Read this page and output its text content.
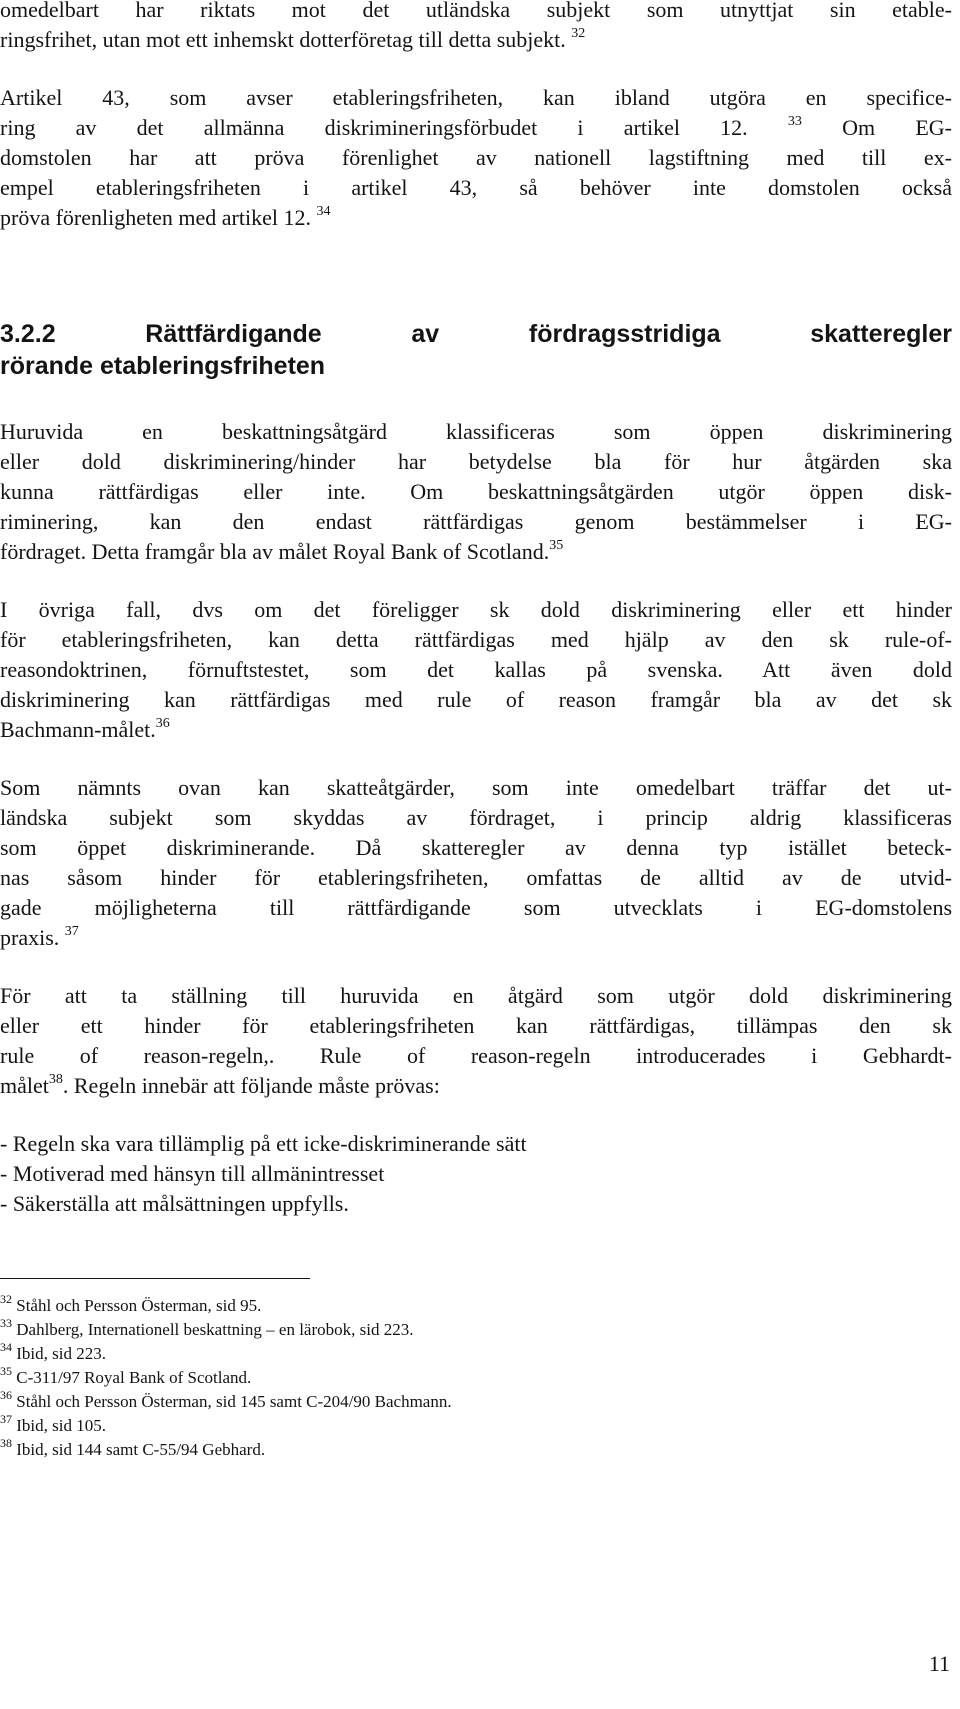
omedelbart har riktats mot det utländska subjekt som utnyttjat sin etable-
ringsfrihet, utan mot ett inhemskt dotterföretag till detta subjekt. $^{32}$
Artikel 43, som avser etableringsfriheten, kan ibland utgöra en specifice-
ring av det allmänna diskrimineringsförbudet i artikel 12.	$^{33}$ Om EG-
domstolen har att pröva förenlighet av nationell lagstiftning med till ex-
empel etableringsfriheten i artikel 43, så behöver inte domstolen också
pröva förenligheten med artikel 12. $^{34}$
3.2.2 Rättfärdigande av fördragsstridiga skatteregler
rörande etableringsfriheten
Huruvida en beskattningsåtgärd klassificeras som öppen diskriminering
eller dold diskriminering/hinder har betydelse bla för hur åtgärden ska
kunna rättfärdigas eller inte. Om beskattningsåtgärden utgör öppen disk-
riminering, kan den endast rättfärdigas genom bestämmelser i EG-
fördraget. Detta framgår bla av målet Royal Bank of Scotland.$^{35}$
I övriga fall, dvs om det föreligger sk dold diskriminering eller ett hinder
för etableringsfriheten, kan detta rättfärdigas med hjälp av den sk rule-of-
reasondoktrinen, förnuftstestet, som det kallas på svenska. Att även dold
diskriminering kan rättfärdigas med rule of reason framgår bla av det sk
Bachmann-målet.$^{36}$
Som nämnts ovan kan skatteåtgärder, som inte omedelbart träffar det ut-
ländska subjekt som skyddas av fördraget, i princip aldrig klassificeras
som öppet diskriminerande. Då skatteregler av denna typ istället beteck-
nas såsom hinder för etableringsfriheten, omfattas de alltid av de utvid-
gade möjligheterna till rättfärdigande som utvecklats i EG-domstolens
praxis. $^{37}$
För att ta ställning till huruvida en åtgärd som utgör dold diskriminering
eller ett hinder för etableringsfriheten kan rättfärdigas, tillämpas den sk
rule of reason-regeln,. Rule of reason-regeln introducerades i Gebhardt-
målet$^{38}$. Regeln innebär att följande måste prövas:
- Regeln ska vara tillämplig på ett icke-diskriminerande sätt
- Motiverad med hänsyn till allmänintresset
- Säkerställa att målsättningen uppfylls.
$^{32}$ Ståhl och Persson Österman, sid 95.
$^{33}$ Dahlberg, Internationell beskattning – en lärobok, sid 223.
$^{34}$ Ibid, sid 223.
$^{35}$ C-311/97 Royal Bank of Scotland.
$^{36}$ Ståhl och Persson Österman, sid 145 samt C-204/90 Bachmann.
$^{37}$ Ibid, sid 105.
$^{38}$ Ibid, sid 144 samt C-55/94 Gebhard.
11
